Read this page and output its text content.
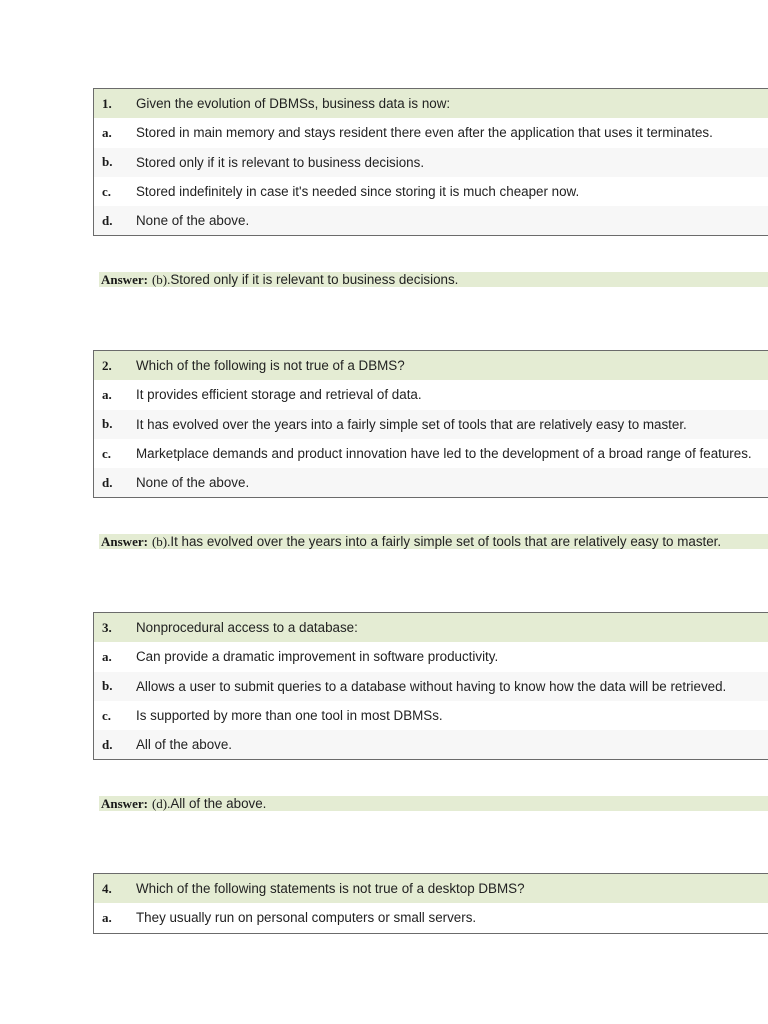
1.	Given the evolution of DBMSs, business data is now:
a.	Stored in main memory and stays resident there even after the application that uses it terminates.
b.	Stored only if it is relevant to business decisions.
c.	Stored indefinitely in case it's needed since storing it is much cheaper now.
d.	None of the above.
Answer: (b). Stored only if it is relevant to business decisions.
2.	Which of the following is not true of a DBMS?
a.	It provides efficient storage and retrieval of data.
b.	It has evolved over the years into a fairly simple set of tools that are relatively easy to master.
c.	Marketplace demands and product innovation have led to the development of a broad range of features.
d.	None of the above.
Answer: (b). It has evolved over the years into a fairly simple set of tools that are relatively easy to master.
3.	Nonprocedural access to a database:
a.	Can provide a dramatic improvement in software productivity.
b.	Allows a user to submit queries to a database without having to know how the data will be retrieved.
c.	Is supported by more than one tool in most DBMSs.
d.	All of the above.
Answer: (d). All of the above.
4.	Which of the following statements is not true of a desktop DBMS?
a.	They usually run on personal computers or small servers.
